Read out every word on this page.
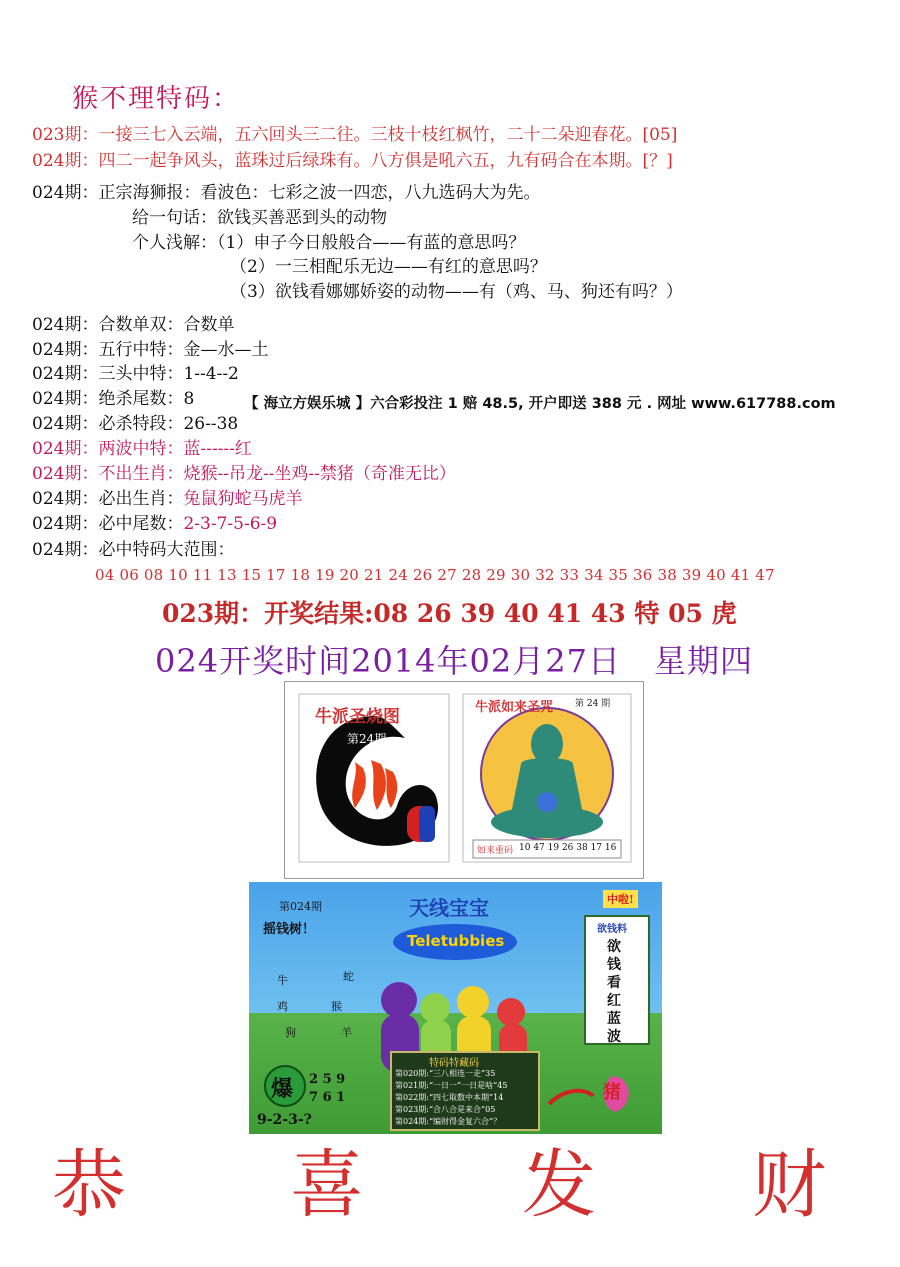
猴不理特码：
023期：一接三七入云端，五六回头三二往。三枝十枝红枫竹，二十二朵迎春花。[05]
024期：四二一起争风头，蓝珠过后绿珠有。八方俱是吼六五，九有码合在本期。[？]
024期：正宗海狮报：看波色：七彩之波一四恋，八九选码大为先。
给一句话：欲钱买善恶到头的动物
个人浅解：（1）申子今日般般合——有蓝的意思吗？
（2）一三相配乐无边——有红的意思吗？
（3）欲钱看娜娜娇姿的动物——有（鸡、马、狗还有吗？）
024期：合数单双：合数单
024期：五行中特：金—水—土
024期：三头中特：1--4--2
024期：绝杀尾数：8
024期：必杀特段：26--38
024期：两波中特：蓝------红
024期：不出生肖：烧猴--吊龙--坐鸡--禁猪（奇准无比）
024期：必出生肖：兔鼠狗蛇马虎羊
024期：必中尾数：2-3-7-5-6-9
024期：必中特码大范围：
【 海立方娱乐城 】六合彩投注 1 赔 48.5, 开户即送 388 元 . 网址 www.617788.com
04 06 08 10 11 13 15 17 18 19 20 21 24 26 27 28 29 30 32 33 34 35 36 38 39 40 41 47
023期：开奖结果:08 26 39 40 41 43 特 05 虎
024开奖时间2014年02月27日　星期四
牛派圣烧图
第24期
牛派如来圣咒 第 24 期
如来重码 10 47 19 26 38 17 16
第024期	天线宝宝
Teletubbies
中啦!
摇钱树！
牛
鸡
狗
蛇
猴
羊
欲钱料
欲
钱
看
红
蓝
波
特码特藏码
第020期:“三八相连一走”35
第021期:“一日一”一日是啥“45
第022期:“四七取数中本期”14
第023期:“合八合是来合”05
第024期:“编财得金复六合”？
爆 2 5 9
7 6 1
9-2-3-?
猪
恭 喜 发 财
